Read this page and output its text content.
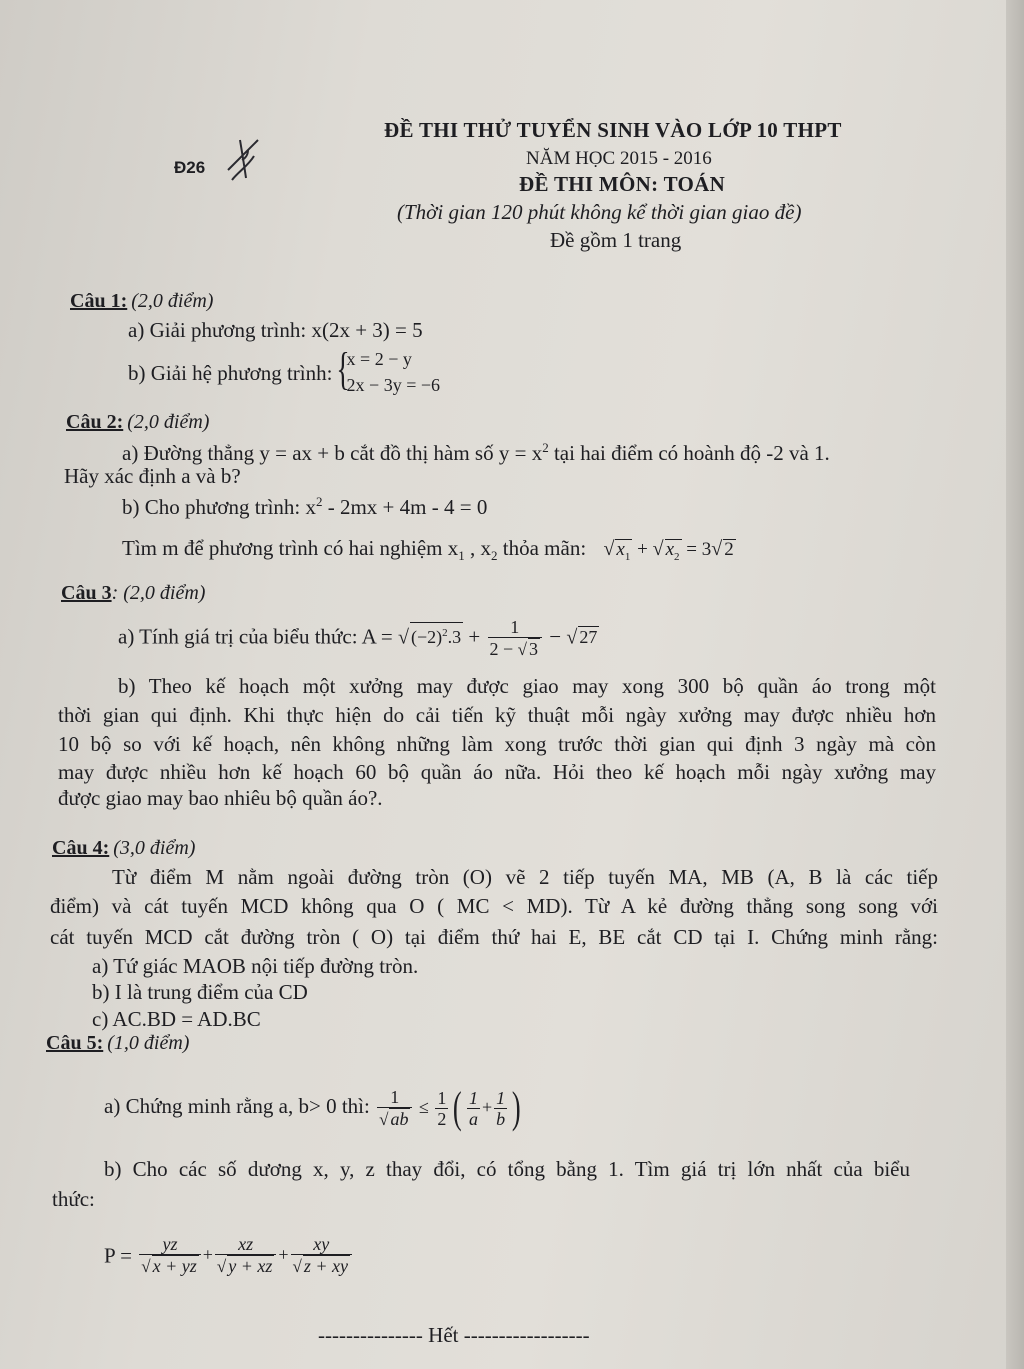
Đ26
ĐỀ THI THỬ TUYỂN SINH VÀO LỚP 10 THPT
NĂM HỌC 2015 - 2016
ĐỀ THI MÔN: TOÁN
(Thời gian 120 phút không kể thời gian giao đề)
Đề gồm 1 trang
Câu 1: (2,0 điểm)
a) Giải phương trình: x(2x + 3) = 5
b) Giải hệ phương trình:{
x = 2 − y
2x − 3y = −6
Câu 2: (2,0 điểm)
a) Đường thẳng y = ax + b cắt đồ thị hàm số $y = x^2$ tại hai điểm có hoành độ -2 và 1.
Hãy xác định a và b?
b) Cho phương trình: $x^2 - 2mx + 4m - 4 = 0$
Tìm m để phương trình có hai nghiệm $x_1$ , $x_2$ thỏa mãn: √ $x_1$ + √ $x_2 = 3√$ 2
Câu 3: (2,0 điểm)
a) Tính giá trị của biểu thức: A = √ $(-2)^2.3 + \frac{1}{2 - √ 3}$ − √ 27
b) Theo kế hoạch một xưởng may được giao may xong 300 bộ quần áo trong một
thời gian qui định. Khi thực hiện do cải tiến kỹ thuật mỗi ngày xưởng may được nhiều hơn
10 bộ so với kế hoạch, nên không những làm xong trước thời gian qui định 3 ngày mà còn
may được nhiều hơn kế hoạch 60 bộ quần áo nữa. Hỏi theo kế hoạch mỗi ngày xưởng may
được giao may bao nhiêu bộ quần áo?.
Câu 4: (3,0 điểm)
Từ điểm M nằm ngoài đường tròn (O) vẽ 2 tiếp tuyến MA, MB (A, B là các tiếp
điểm) và cát tuyến MCD không qua O ( MC < MD). Từ A kẻ đường thẳng song song với
cát tuyến MCD cắt đường tròn ( O) tại điểm thứ hai E, BE cắt CD tại I. Chứng minh rằng:
a) Tứ giác MAOB nội tiếp đường tròn.
b) I là trung điểm của CD
c) AC.BD = AD.BC
Câu 5: (1,0 điểm)
a) Chứng minh rằng a, b> 0 thì: $\frac{1}{√ ab} \le \frac{1}{2}$ ( $\frac{1}{a} + \frac{1}{b}$ )
b) Cho các số dương x, y, z thay đổi, có tổng bằng 1. Tìm giá trị lớn nhất của biểu
thức:
$P = \frac{yz}{√ x + yz} + \frac{xz}{√ y + xz} + \frac{xy}{√ z + xy}$
--------------- Hết ------------------
